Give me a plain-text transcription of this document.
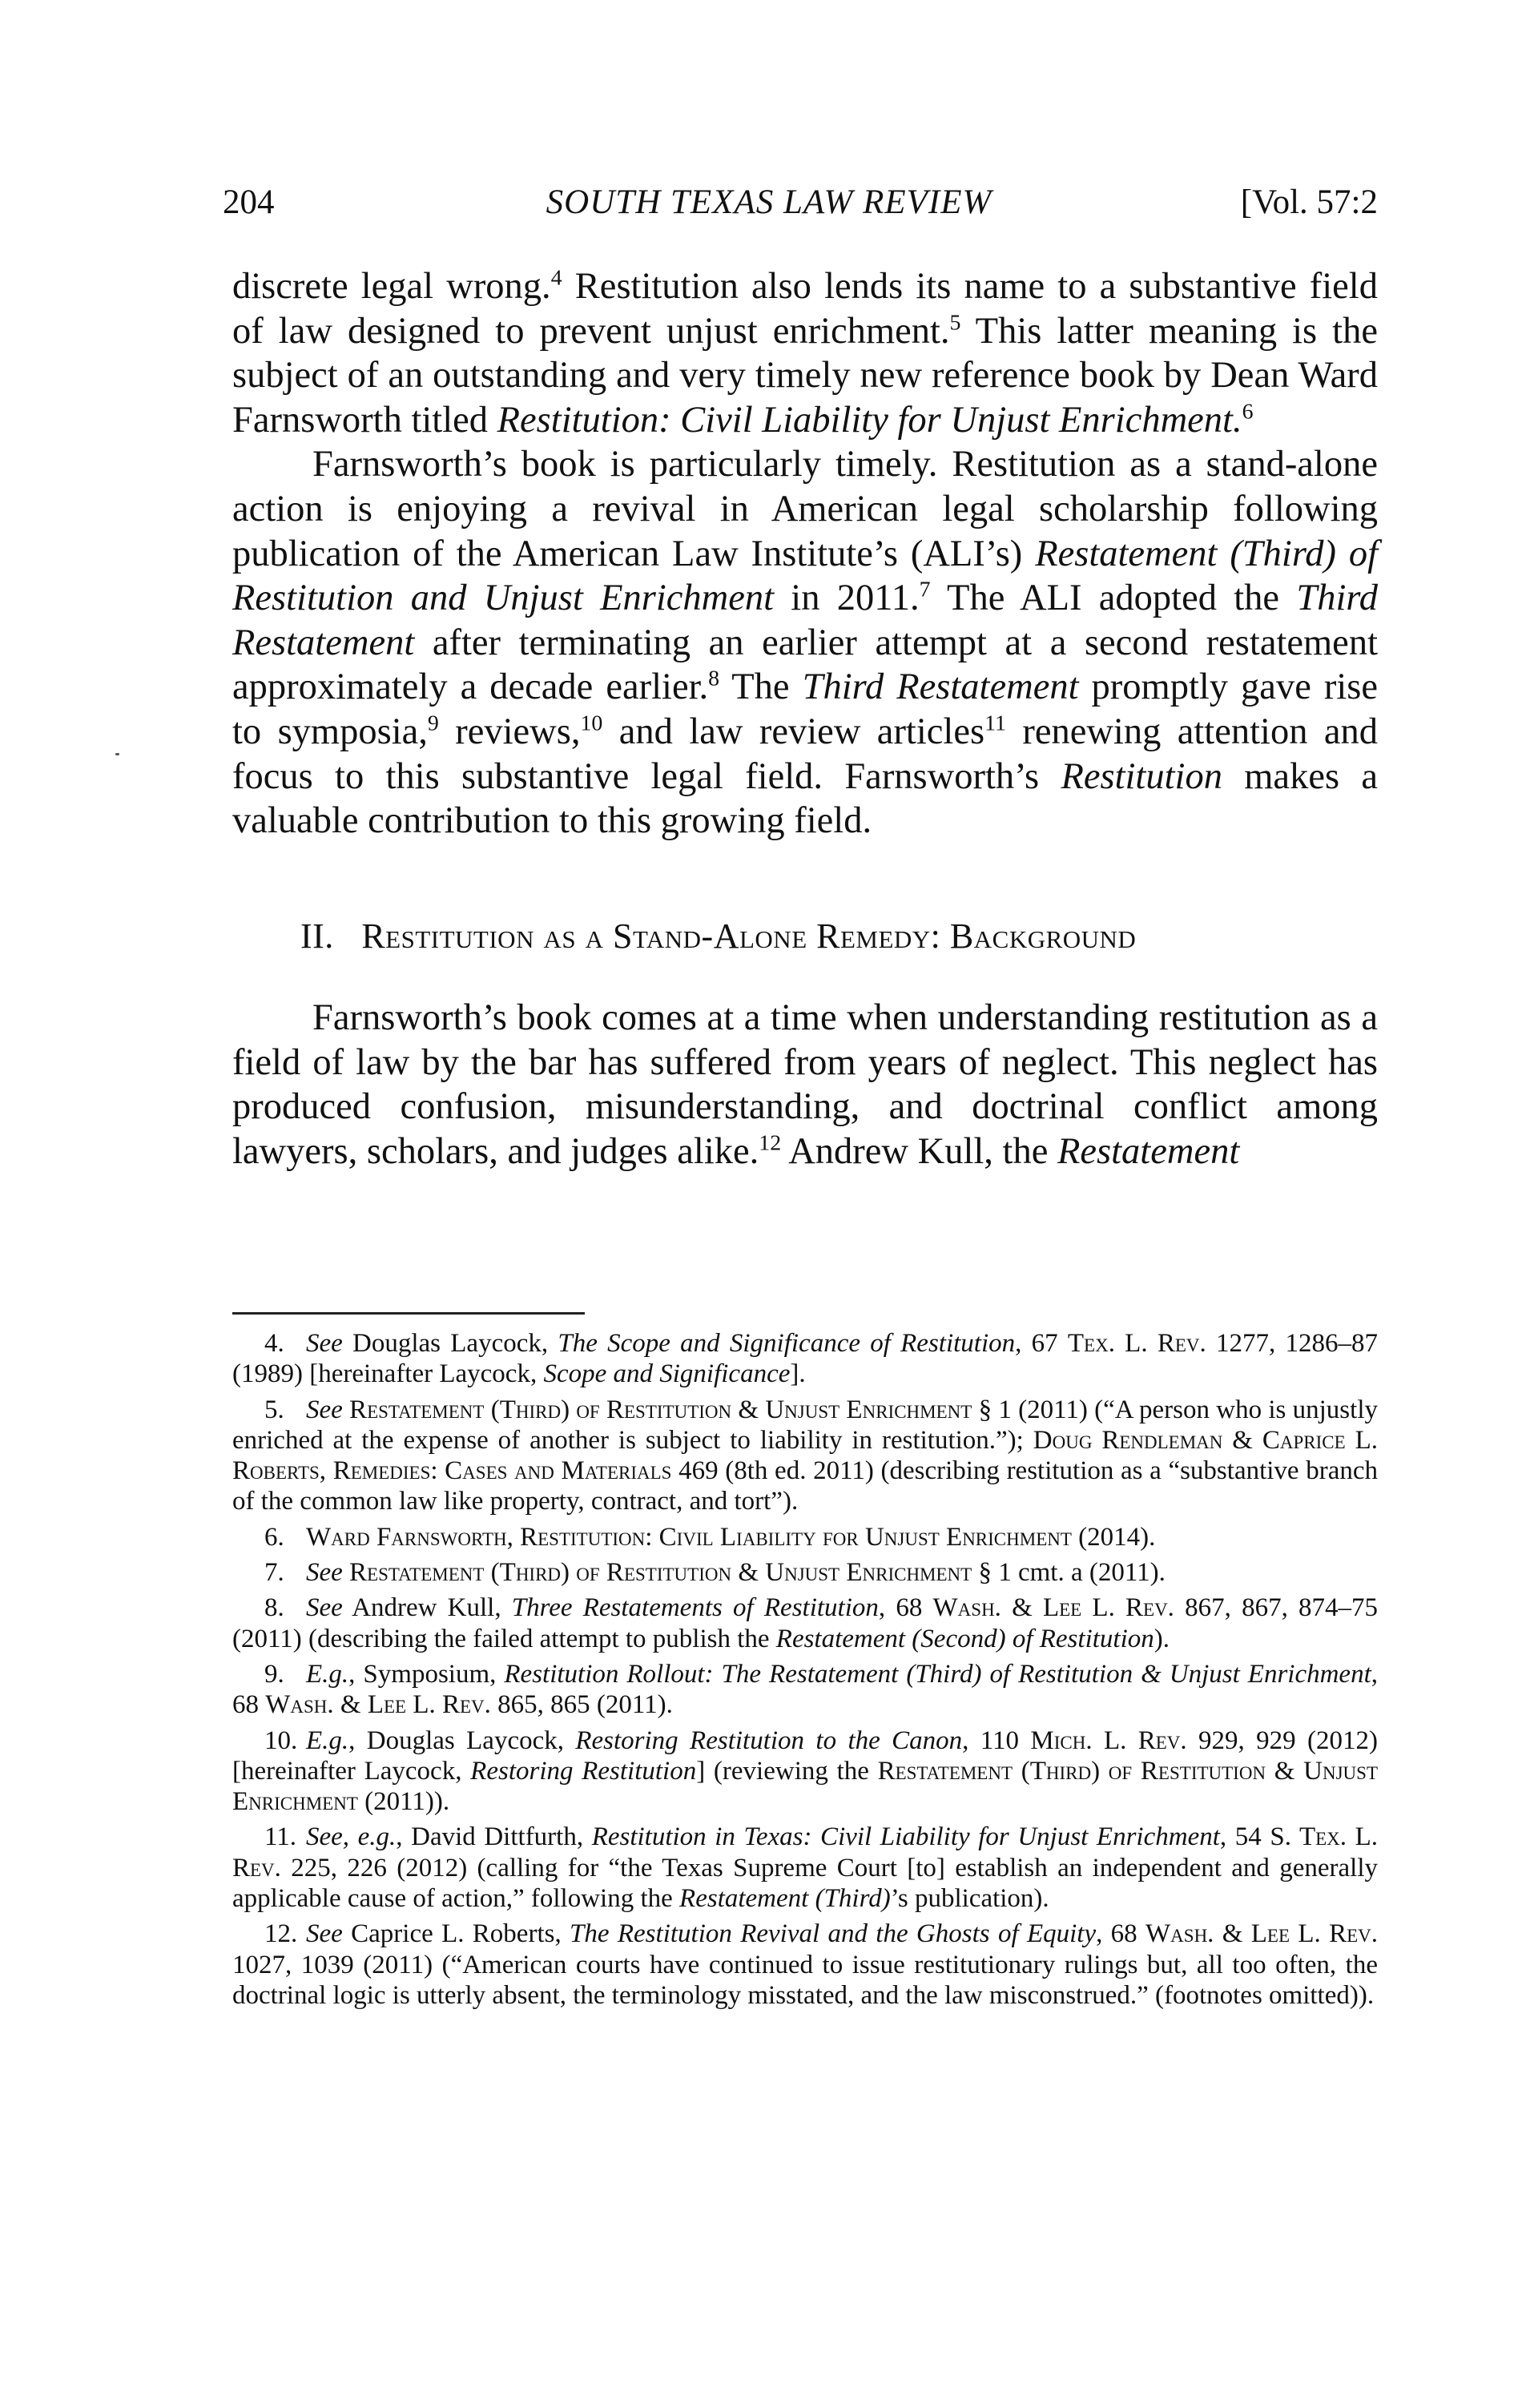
204	SOUTH TEXAS LAW REVIEW	[Vol. 57:2

discrete legal wrong.$^4$ Restitution also lends its name to a substantive field of law designed to prevent unjust enrichment.$^5$ This latter meaning is the subject of an outstanding and very timely new reference book by Dean Ward Farnsworth titled Restitution: Civil Liability for Unjust Enrichment.$^6$

Farnsworth’s book is particularly timely. Restitution as a stand-alone action is enjoying a revival in American legal scholarship following publication of the American Law Institute’s (ALI’s) Restatement (Third) of Restitution and Unjust Enrichment in 2011.$^7$ The ALI adopted the Third Restatement after terminating an earlier attempt at a second restatement approximately a decade earlier.$^8$ The Third Restatement promptly gave rise to symposia,$^9$ reviews,$^{10}$ and law review articles$^{11}$ renewing attention and focus to this substantive legal field. Farnsworth’s Restitution makes a valuable contribution to this growing field.

II. Restitution as a Stand-Alone Remedy: Background

Farnsworth’s book comes at a time when understanding restitution as a field of law by the bar has suffered from years of neglect. This neglect has produced confusion, misunderstanding, and doctrinal conflict among lawyers, scholars, and judges alike.$^{12}$ Andrew Kull, the Restatement

4. See Douglas Laycock, The Scope and Significance of Restitution, 67 Tex. L. Rev. 1277, 1286–87 (1989) [hereinafter Laycock, Scope and Significance].

5. See Restatement (Third) of Restitution & Unjust Enrichment § 1 (2011) (“A person who is unjustly enriched at the expense of another is subject to liability in restitution.”); Doug Rendleman & Caprice L. Roberts, Remedies: Cases and Materials 469 (8th ed. 2011) (describing restitution as a “substantive branch of the common law like property, contract, and tort”).

6. Ward Farnsworth, Restitution: Civil Liability for Unjust Enrichment (2014).

7. See Restatement (Third) of Restitution & Unjust Enrichment § 1 cmt. a (2011).

8. See Andrew Kull, Three Restatements of Restitution, 68 Wash. & Lee L. Rev. 867, 867, 874–75 (2011) (describing the failed attempt to publish the Restatement (Second) of Restitution).

9. E.g., Symposium, Restitution Rollout: The Restatement (Third) of Restitution & Unjust Enrichment, 68 Wash. & Lee L. Rev. 865, 865 (2011).

10. E.g., Douglas Laycock, Restoring Restitution to the Canon, 110 Mich. L. Rev. 929, 929 (2012) [hereinafter Laycock, Restoring Restitution] (reviewing the Restatement (Third) of Restitution & Unjust Enrichment (2011)).

11. See, e.g., David Dittfurth, Restitution in Texas: Civil Liability for Unjust Enrichment, 54 S. Tex. L. Rev. 225, 226 (2012) (calling for “the Texas Supreme Court [to] establish an independent and generally applicable cause of action,” following the Restatement (Third)’s publication).

12. See Caprice L. Roberts, The Restitution Revival and the Ghosts of Equity, 68 Wash. & Lee L. Rev. 1027, 1039 (2011) (“American courts have continued to issue restitutionary rulings but, all too often, the doctrinal logic is utterly absent, the terminology misstated, and the law misconstrued.” (footnotes omitted)).
